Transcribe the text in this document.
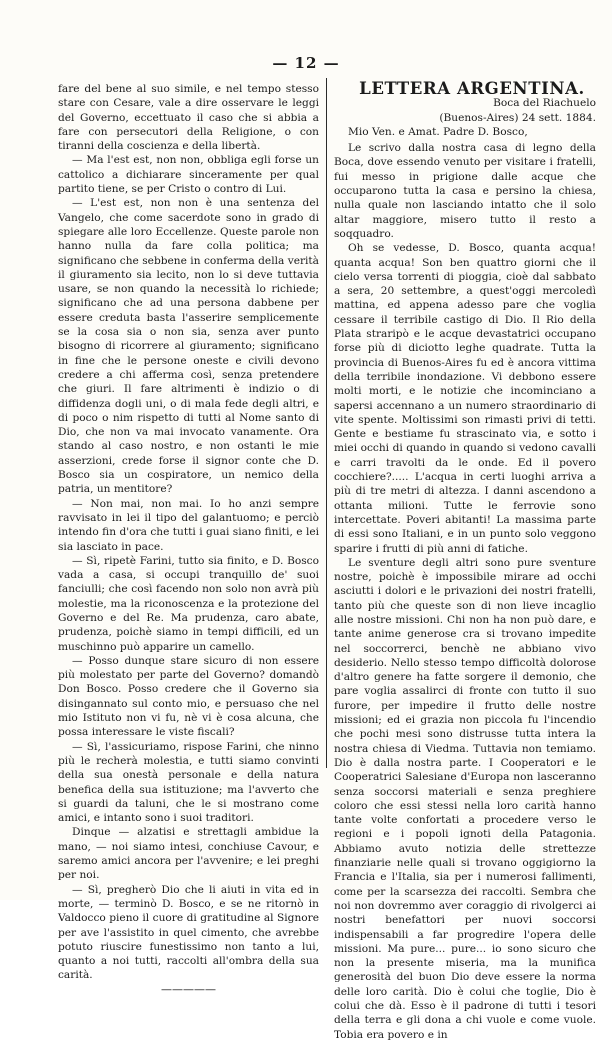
— 12 —

fare del bene al suo simile, e nel tempo stesso stare con Cesare, vale a dire osservare le leggi del Governo, eccettuato il caso che si abbia a fare con persecutori della Religione, o con tiranni della coscienza e della libertà.

— Ma l'est est, non non, obbliga egli forse un cattolico a dichiarare sinceramente per qual partito tiene, se per Cristo o contro di Lui.

— L'est est, non non è una sentenza del Vangelo, che come sacerdote sono in grado di spiegare alle loro Eccellenze. Queste parole non hanno nulla da fare colla politica; ma significano che sebbene in conferma della verità il giuramento sia lecito, non lo si deve tuttavia usare, se non quando la necessità lo richiede; significano che ad una persona dabbene per essere creduta basta l'asserire semplicemente se la cosa sia o non sia, senza aver punto bisogno di ricorrere al giuramento; significano in fine che le persone oneste e civili devono credere a chi afferma così, senza pretendere che giuri. Il fare altrimenti è indizio o di diffidenza dogli uni, o di mala fede degli altri, e di poco o nim rispetto di tutti al Nome santo di Dio, che non va mai invocato vanamente. Ora stando al caso nostro, e non ostanti le mie asserzioni, crede forse il signor conte che D. Bosco sia un cospiratore, un nemico della patria, un mentitore?

— Non mai, non mai. Io ho anzi sempre ravvisato in lei il tipo del galantuomo; e perciò intendo fin d'ora che tutti i guai siano finiti, e lei sia lasciato in pace.

— Sì, ripetè Farini, tutto sia finito, e D. Bosco vada a casa, si occupi tranquillo de' suoi fanciulli; che così facendo non solo non avrà più molestie, ma la riconoscenza e la protezione del Governo e del Re. Ma prudenza, caro abate, prudenza, poichè siamo in tempi difficili, ed un muschinno può apparire un camello.

— Posso dunque stare sicuro di non essere più molestato per parte del Governo? domandò Don Bosco. Posso credere che il Governo sia disingannato sul conto mio, e persuaso che nel mio Istituto non vi fu, nè vi è cosa alcuna, che possa interessare le viste fiscali?

— Sì, l'assicuriamo, rispose Farini, che ninno più le recherà molestia, e tutti siamo convinti della sua onestà personale e della natura benefica della sua istituzione; ma l'avverto che si guardi da taluni, che le si mostrano come amici, e intanto sono i suoi traditori.

Dinque — alzatisi e strettagli ambidue la mano, — noi siamo intesi, conchiuse Cavour, e saremo amici ancora per l'avvenire; e lei preghi per noi.

— Sì, pregherò Dio che li aiuti in vita ed in morte, — terminò D. Bosco, e se ne ritornò in Valdocco pieno il cuore di gratitudine al Signore per ave l'assistito in quel cimento, che avrebbe potuto riuscire funestissimo non tanto a lui, quanto a noi tutti, raccolti all'ombra della sua carità.

—————

LETTERA ARGENTINA.

Boca del Riachuelo

(Buenos-Aires) 24 sett. 1884.

Mio Ven. e Amat. Padre D. Bosco,

Le scrivo dalla nostra casa di legno della Boca, dove essendo venuto per visitare i fratelli, fui messo in prigione dalle acque che occuparono tutta la casa e persino la chiesa, nulla quale non lasciando intatto che il solo altar maggiore, misero tutto il resto a soqquadro.

Oh se vedesse, D. Bosco, quanta acqua! quanta acqua! Son ben quattro giorni che il cielo versa torrenti di pioggia, cioè dal sabbato a sera, 20 settembre, a quest'oggi mercoledì mattina, ed appena adesso pare che voglia cessare il terribile castigo di Dio. Il Rio della Plata straripò e le acque devastatrici occupano forse più di diciotto leghe quadrate. Tutta la provincia di Buenos-Aires fu ed è ancora vittima della terribile inondazione. Vi debbono essere molti morti, e le notizie che incominciano a sapersi accennano a un numero straordinario di vite spente. Moltissimi son rimasti privi di tetti. Gente e bestiame fu strascinato via, e sotto i miei occhi di quando in quando si vedono cavalli e carri travolti da le onde. Ed il povero cocchiere?..... L'acqua in certi luoghi arriva a più di tre metri di altezza. I danni ascendono a ottanta milioni. Tutte le ferrovie sono intercettate. Poveri abitanti! La massima parte di essi sono Italiani, e in un punto solo veggono sparire i frutti di più anni di fatiche.

Le sventure degli altri sono pure sventure nostre, poichè è impossibile mirare ad occhi asciutti i dolori e le privazioni dei nostri fratelli, tanto più che queste son di non lieve incaglio alle nostre missioni. Chi non ha non può dare, e tante anime generose cra si trovano impedite nel soccorrerci, benchè ne abbiano vivo desiderio. Nello stesso tempo difficoltà dolorose d'altro genere ha fatte sorgere il demonio, che pare voglia assalirci di fronte con tutto il suo furore, per impedire il frutto delle nostre missioni; ed ei grazia non piccola fu l'incendio che pochi mesi sono distrusse tutta intera la nostra chiesa di Viedma. Tuttavia non temiamo. Dio è dalla nostra parte. I Cooperatori e le Cooperatrici Salesiane d'Europa non lasceranno senza soccorsi materiali e senza preghiere coloro che essi stessi nella loro carità hanno tante volte confortati a procedere verso le regioni e i popoli ignoti della Patagonia. Abbiamo avuto notizia delle strettezze finanziarie nelle quali si trovano oggigiorno la Francia e l'Italia, sia per i numerosi fallimenti, come per la scarsezza dei raccolti. Sembra che noi non dovremmo aver coraggio di rivolgerci ai nostri benefattori per nuovi soccorsi indispensabili a far progredire l'opera delle missioni. Ma pure... pure... io sono sicuro che non la presente miseria, ma la munifica generosità del buon Dio deve essere la norma delle loro carità. Dio è colui che toglie, Dio è colui che dà. Esso è il padrone di tutti i tesori della terra e gli dona a chi vuole e come vuole. Tobia era povero e in
